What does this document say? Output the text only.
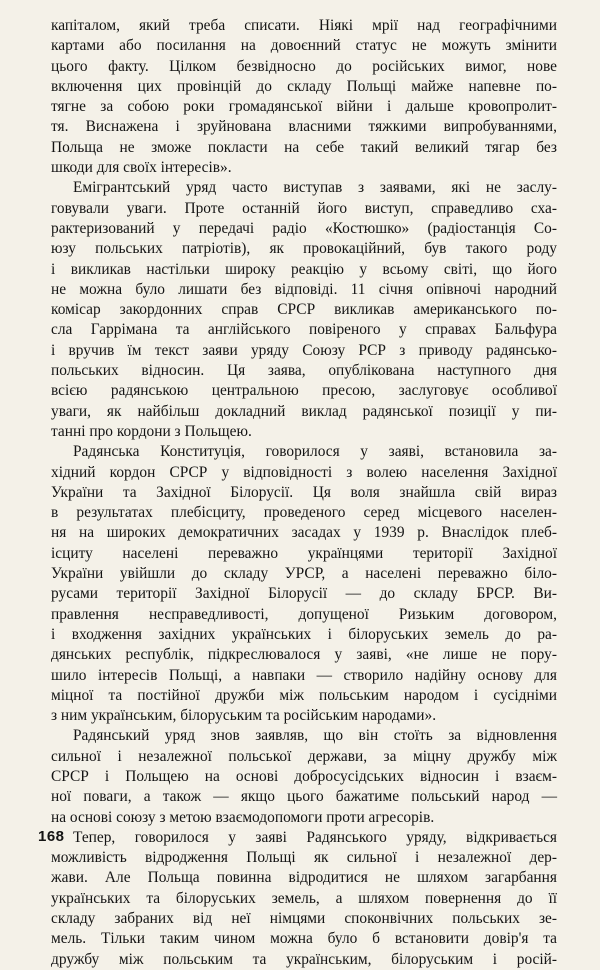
капіталом, який треба списати. Ніякі мрії над географічними
картами або посилання на довоєнний статус не можуть змінити
цього факту. Цілком безвідносно до російських вимог, нове
включення цих провінцій до складу Польщі майже напевне по-
тягне за собою роки громадянської війни і дальше кровопролит-
тя. Виснажена і зруйнована власними тяжкими випробуваннями,
Польща не зможе покласти на себе такий великий тягар без
шкоди для своїх інтересів».
Емігрантський уряд часто виступав з заявами, які не заслу-
говували уваги. Проте останній його виступ, справедливо сха-
рактеризований у передачі радіо «Костюшко» (радіостанція Со-
юзу польських патріотів), як провокаційний, був такого роду
і викликав настільки широку реакцію у всьому світі, що його
не можна було лишати без відповіді. 11 січня опівночі народний
комісар закордонних справ СРСР викликав американського по-
сла Гаррімана та англійського повіреного у справах Бальфура
і вручив їм текст заяви уряду Союзу РСР з приводу радянсько-
польських відносин. Ця заява, опублікована наступного дня
всією радянською центральною пресою, заслуговує особливої
уваги, як найбільш докладний виклад радянської позиції у пи-
танні про кордони з Польщею.
Радянська Конституція, говорилося у заяві, встановила за-
хідний кордон СРСР у відповідності з волею населення Західної
України та Західної Білорусії. Ця воля знайшла свій вираз
в результатах плебісциту, проведеного серед місцевого населен-
ня на широких демократичних засадах у 1939 р. Внаслідок плеб-
ісциту населені переважно українцями території Західної
України увійшли до складу УРСР, а населені переважно біло-
русами території Західної Білорусії — до складу БРСР. Ви-
правлення несправедливості, допущеної Ризьким договором,
і входження західних українських і білоруських земель до ра-
дянських республік, підкреслювалося у заяві, «не лише не пору-
шило інтересів Польщі, а навпаки — створило надійну основу для
міцної та постійної дружби між польським народом і сусідніми
з ним українським, білоруським та російським народами».
Радянський уряд знов заявляв, що він стоїть за відновлення
сильної і незалежної польської держави, за міцну дружбу між
СРСР і Польщею на основі добросусідських відносин і взаєм-
ної поваги, а також — якщо цього бажатиме польський народ —
на основі союзу з метою взаємодопомоги проти агресорів.
Тепер, говорилося у заяві Радянського уряду, відкривається
можливість відродження Польщі як сильної і незалежної дер-
жави. Але Польща повинна відродитися не шляхом загарбання
українських та білоруських земель, а шляхом повернення до її
складу забраних від неї німцями споконвічних польських зе-
мель. Тільки таким чином можна було б встановити довір'я та
дружбу між польським та українським, білоруським і росій-
168
